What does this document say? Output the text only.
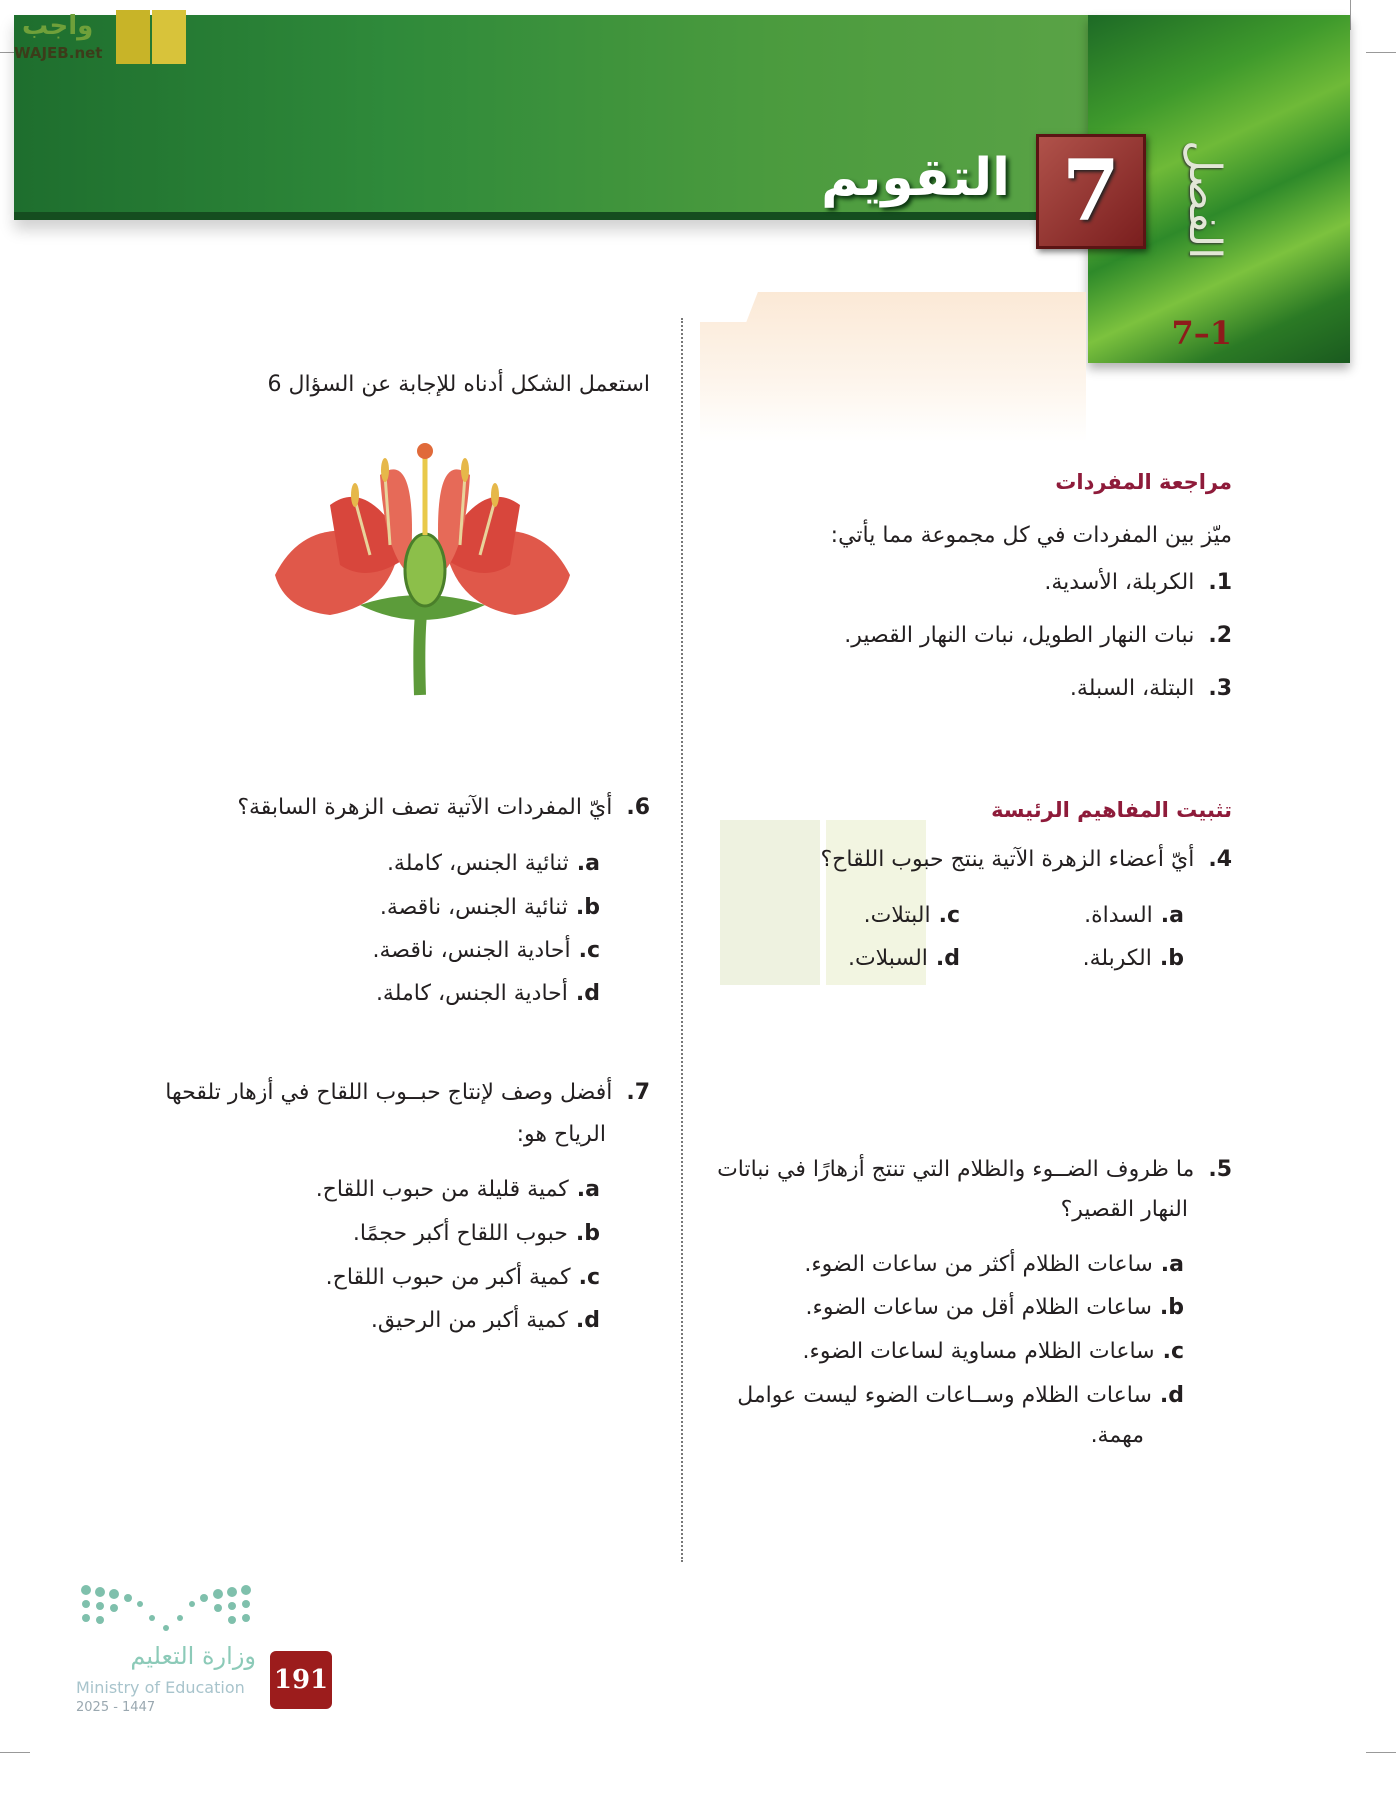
الفصل
7
التقويم
7–1
واجب
WAJEB.net
مراجعة المفردات
ميّز بين المفردات في كل مجموعة مما يأتي:
1.الكربلة، الأسدية.
2.نبات النهار الطويل، نبات النهار القصير.
3.البتلة، السبلة.
تثبيت المفاهيم الرئيسة
4.أيّ أعضاء الزهرة الآتية ينتج حبوب اللقاح؟
a.السداة.
c.البتلات.
b.الكربلة.
d.السبلات.
5.ما ظروف الضــوء والظلام التي تنتج أزهارًا في نباتات
النهار القصير؟
a.ساعات الظلام أكثر من ساعات الضوء.
b.ساعات الظلام أقل من ساعات الضوء.
c.ساعات الظلام مساوية لساعات الضوء.
d.ساعات الظلام وســاعات الضوء ليست عوامل
مهمة.
استعمل الشكل أدناه للإجابة عن السؤال 6
6.أيّ المفردات الآتية تصف الزهرة السابقة؟
a.ثنائية الجنس، كاملة.
b.ثنائية الجنس، ناقصة.
c.أحادية الجنس، ناقصة.
d.أحادية الجنس، كاملة.
7.أفضل وصف لإنتاج حبــوب اللقاح في أزهار تلقحها
الرياح هو:
a.كمية قليلة من حبوب اللقاح.
b.حبوب اللقاح أكبر حجمًا.
c.كمية أكبر من حبوب اللقاح.
d.كمية أكبر من الرحيق.
وزارة التعليم
Ministry of Education
2025 - 1447
191
